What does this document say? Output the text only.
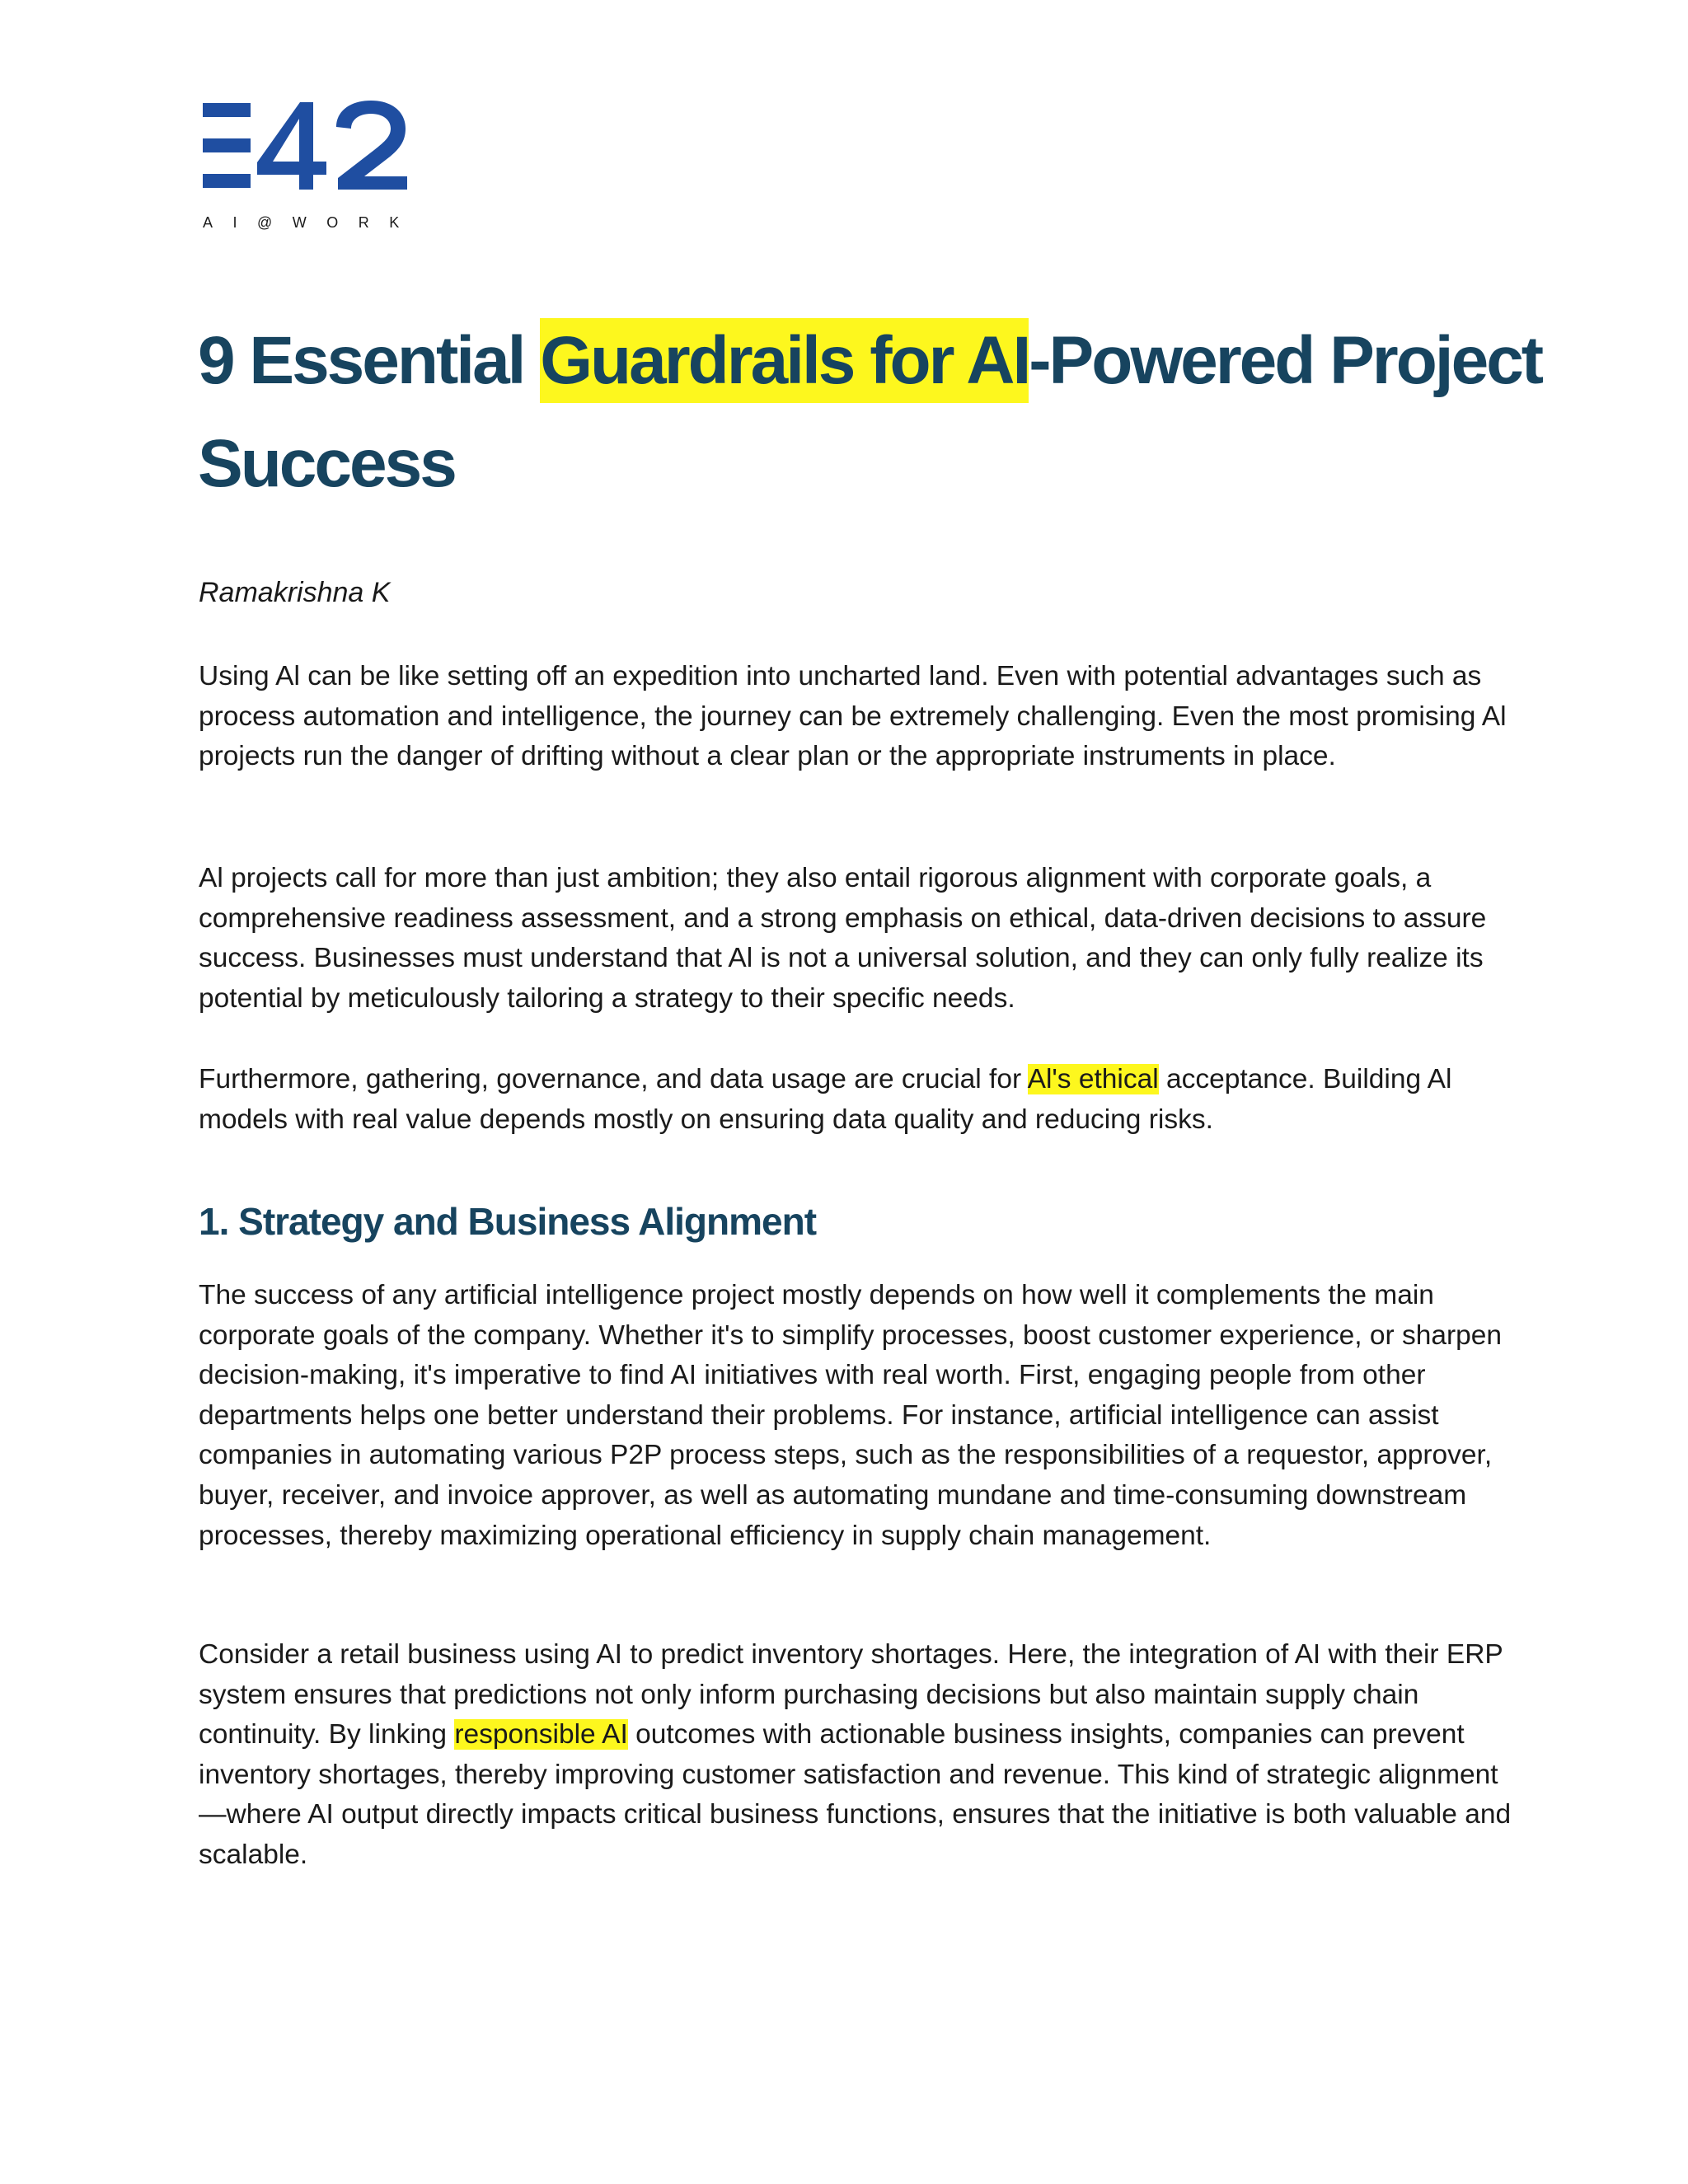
AI@WORK
9 Essential Guardrails for AI-Powered Project Success
Ramakrishna K

Using Al can be like setting off an expedition into uncharted land. Even with potential advantages such as process automation and intelligence, the journey can be extremely challenging. Even the most promising Al projects run the danger of drifting without a clear plan or the appropriate instruments in place.

Al projects call for more than just ambition; they also entail rigorous alignment with corporate goals, a comprehensive readiness assessment, and a strong emphasis on ethical, data-driven decisions to assure success. Businesses must understand that Al is not a universal solution, and they can only fully realize its potential by meticulously tailoring a strategy to their specific needs.

Furthermore, gathering, governance, and data usage are crucial for Al's ethical acceptance. Building Al models with real value depends mostly on ensuring data quality and reducing risks.

1. Strategy and Business Alignment

The success of any artificial intelligence project mostly depends on how well it complements the main corporate goals of the company. Whether it's to simplify processes, boost customer experience, or sharpen decision-making, it's imperative to find AI initiatives with real worth. First, engaging people from other departments helps one better understand their problems. For instance, artificial intelligence can assist companies in automating various P2P process steps, such as the responsibilities of a requestor, approver, buyer, receiver, and invoice approver, as well as automating mundane and time-consuming downstream processes, thereby maximizing operational efficiency in supply chain management.

Consider a retail business using AI to predict inventory shortages. Here, the integration of AI with their ERP system ensures that predictions not only inform purchasing decisions but also maintain supply chain continuity. By linking responsible AI outcomes with actionable business insights, companies can prevent inventory shortages, thereby improving customer satisfaction and revenue. This kind of strategic alignment—where AI output directly impacts critical business functions, ensures that the initiative is both valuable and scalable.
